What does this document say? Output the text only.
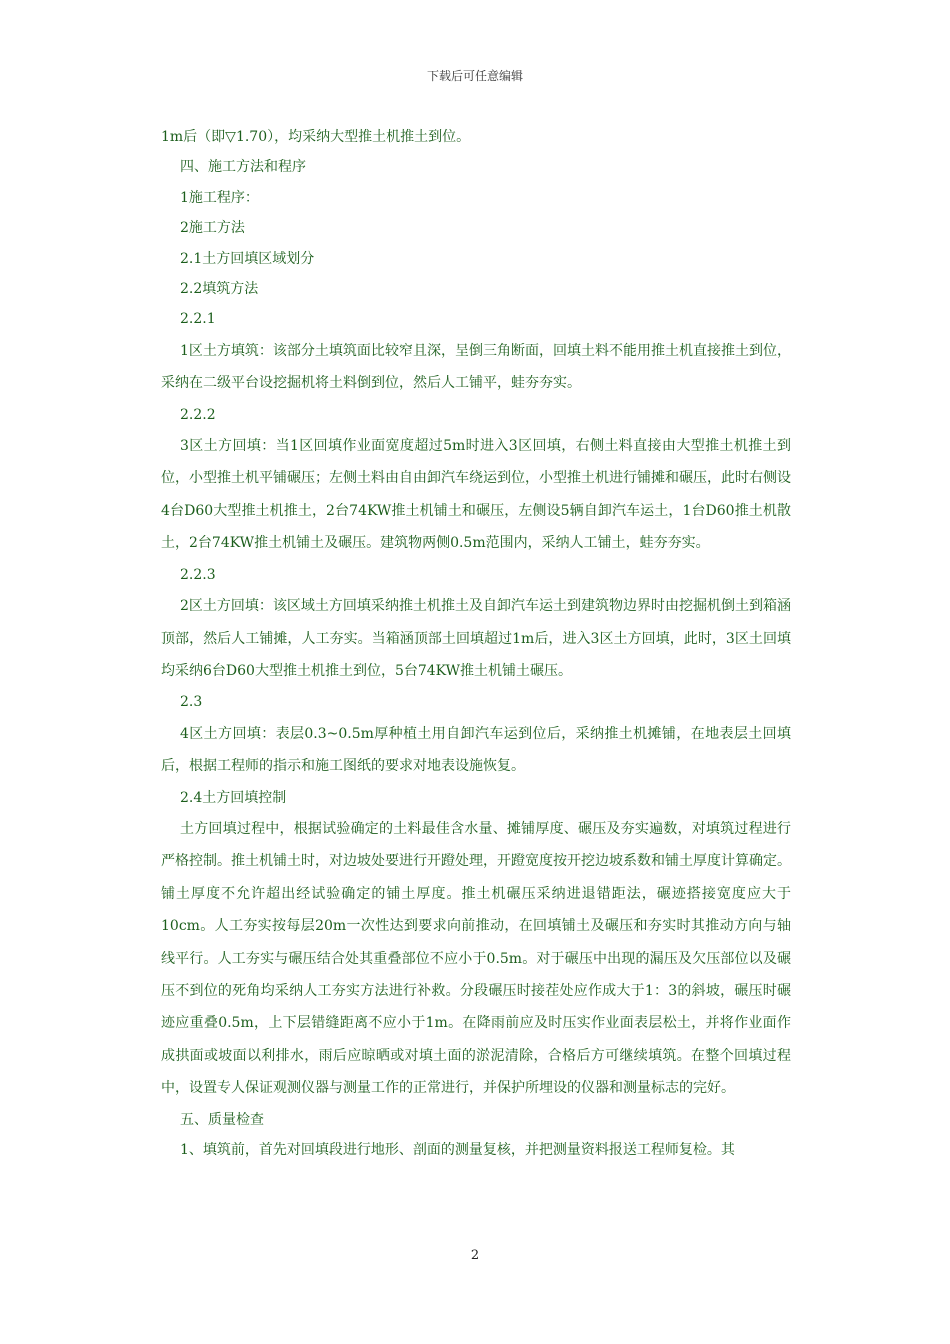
下载后可任意编辑

1m后（即▽1.70），均采纳大型推土机推土到位。

四、施工方法和程序

1施工程序：

2施工方法

2.1土方回填区域划分

2.2填筑方法

2.2.1

1区土方填筑：该部分土填筑面比较窄且深，呈倒三角断面，回填土料不能用推土机直接推土到位，采纳在二级平台设挖掘机将土料倒到位，然后人工铺平，蛙夯夯实。

2.2.2

3区土方回填：当1区回填作业面宽度超过5m时进入3区回填，右侧土料直接由大型推土机推土到位，小型推土机平铺碾压；左侧土料由自由卸汽车绕运到位，小型推土机进行铺摊和碾压，此时右侧设4台D60大型推土机推土，2台74KW推土机铺土和碾压，左侧设5辆自卸汽车运土，1台D60推土机散土，2台74KW推土机铺土及碾压。建筑物两侧0.5m范围内，采纳人工铺土，蛙夯夯实。

2.2.3

2区土方回填：该区域土方回填采纳推土机推土及自卸汽车运土到建筑物边界时由挖掘机倒土到箱涵顶部，然后人工铺摊，人工夯实。当箱涵顶部土回填超过1m后，进入3区土方回填，此时，3区土回填均采纳6台D60大型推土机推土到位，5台74KW推土机铺土碾压。

2.3

4区土方回填：表层0.3~0.5m厚种植土用自卸汽车运到位后，采纳推土机摊铺，在地表层土回填后，根据工程师的指示和施工图纸的要求对地表设施恢复。

2.4土方回填控制

土方回填过程中，根据试验确定的土料最佳含水量、摊铺厚度、碾压及夯实遍数，对填筑过程进行严格控制。推土机铺土时，对边坡处要进行开蹬处理，开蹬宽度按开挖边坡系数和铺土厚度计算确定。铺土厚度不允许超出经试验确定的铺土厚度。推土机碾压采纳进退错距法，碾迹搭接宽度应大于10cm。人工夯实按每层20m一次性达到要求向前推动，在回填铺土及碾压和夯实时其推动方向与轴线平行。人工夯实与碾压结合处其重叠部位不应小于0.5m。对于碾压中出现的漏压及欠压部位以及碾压不到位的死角均采纳人工夯实方法进行补救。分段碾压时接茬处应作成大于1：3的斜坡，碾压时碾迹应重叠0.5m，上下层错缝距离不应小于1m。在降雨前应及时压实作业面表层松土，并将作业面作成拱面或坡面以利排水，雨后应晾晒或对填土面的淤泥清除，合格后方可继续填筑。在整个回填过程中，设置专人保证观测仪器与测量工作的正常进行，并保护所埋设的仪器和测量标志的完好。

五、质量检查

1、填筑前，首先对回填段进行地形、剖面的测量复核，并把测量资料报送工程师复检。其

2
